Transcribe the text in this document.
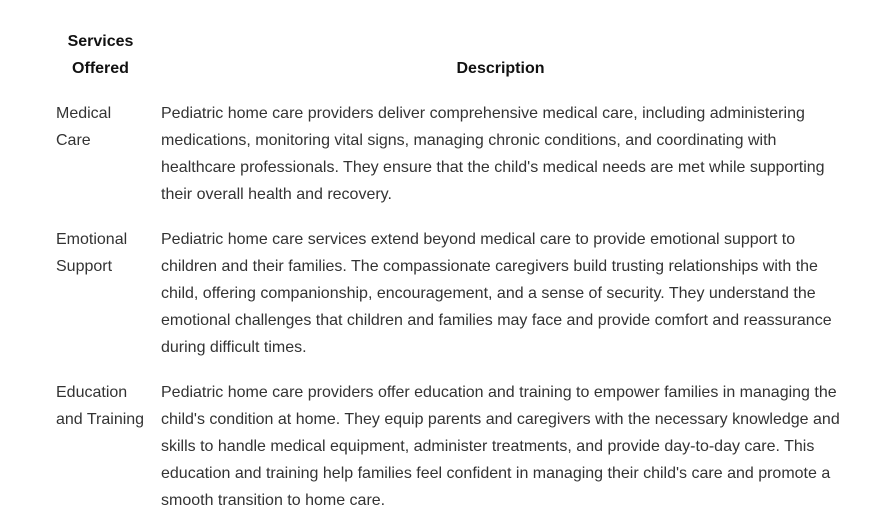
Services Offered	Description
Medical Care	Pediatric home care providers deliver comprehensive medical care, including administering medications, monitoring vital signs, managing chronic conditions, and coordinating with healthcare professionals. They ensure that the child's medical needs are met while supporting their overall health and recovery.
Emotional Support	Pediatric home care services extend beyond medical care to provide emotional support to children and their families. The compassionate caregivers build trusting relationships with the child, offering companionship, encouragement, and a sense of security. They understand the emotional challenges that children and families may face and provide comfort and reassurance during difficult times.
Education and Training	Pediatric home care providers offer education and training to empower families in managing the child's condition at home. They equip parents and caregivers with the necessary knowledge and skills to handle medical equipment, administer treatments, and provide day-to-day care. This education and training help families feel confident in managing their child's care and promote a smooth transition to home care.
